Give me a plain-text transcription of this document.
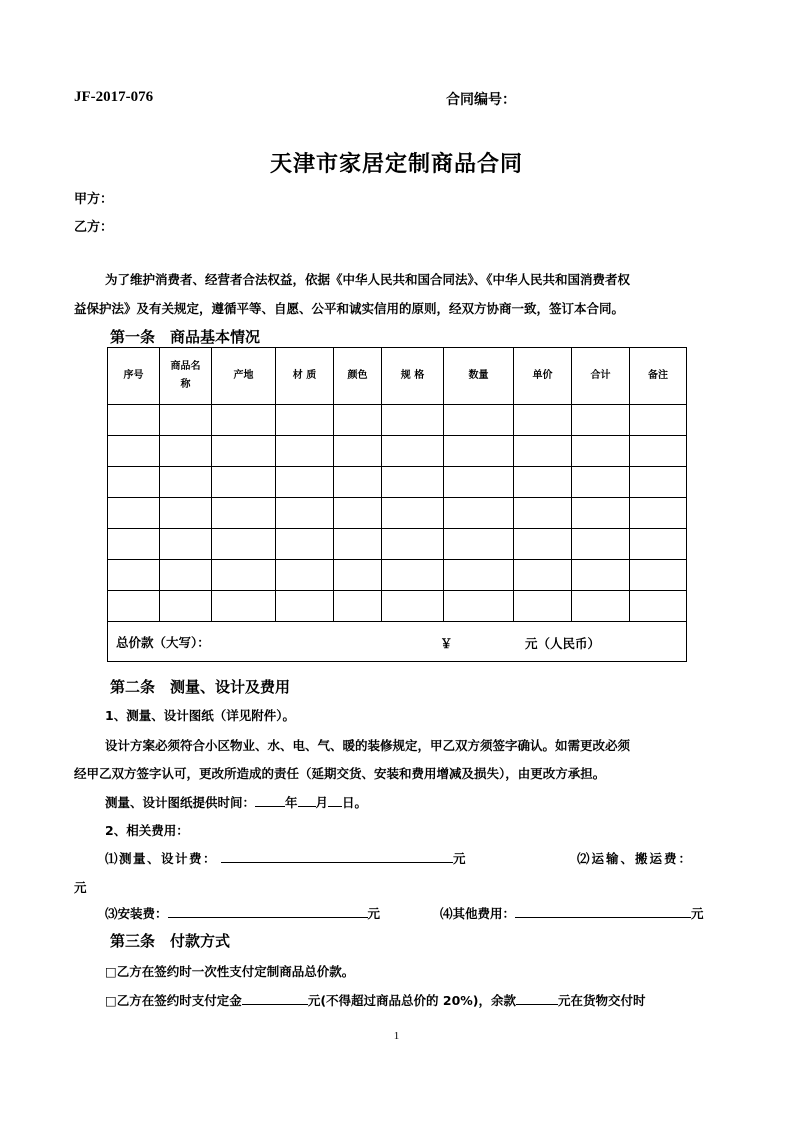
JF-2017-076	合同编号：
天津市家居定制商品合同
甲方：
乙方：
为了维护消费者、经营者合法权益，依据《中华人民共和国合同法》、《中华人民共和国消费者权
益保护法》及有关规定，遵循平等、自愿、公平和诚实信用的原则，经双方协商一致，签订本合同。
第一条　商品基本情况
序号	商品名称	产地	材 质	颜色	规 格	数量	单价	合计	备注

总价款（大写）： ￥ 元（人民币）									
第二条　测量、设计及费用
1、测量、设计图纸（详见附件）。
设计方案必须符合小区物业、水、电、气、暖的装修规定，甲乙双方须签字确认。如需更改必须
经甲乙双方签字认可，更改所造成的责任（延期交货、安装和费用增减及损失），由更改方承担。
测量、设计图纸提供时间： 年 月 日。
2、相关费用：
⑴测量、设计费：	元	⑵运输、搬运费：
元
⑶安装费：	元	⑷其他费用：	元
第三条　付款方式
□乙方在签约时一次性支付定制商品总价款。
□乙方在签约时支付定金	元(不得超过商品总价的 20%)，余款	元在货物交付时
1
